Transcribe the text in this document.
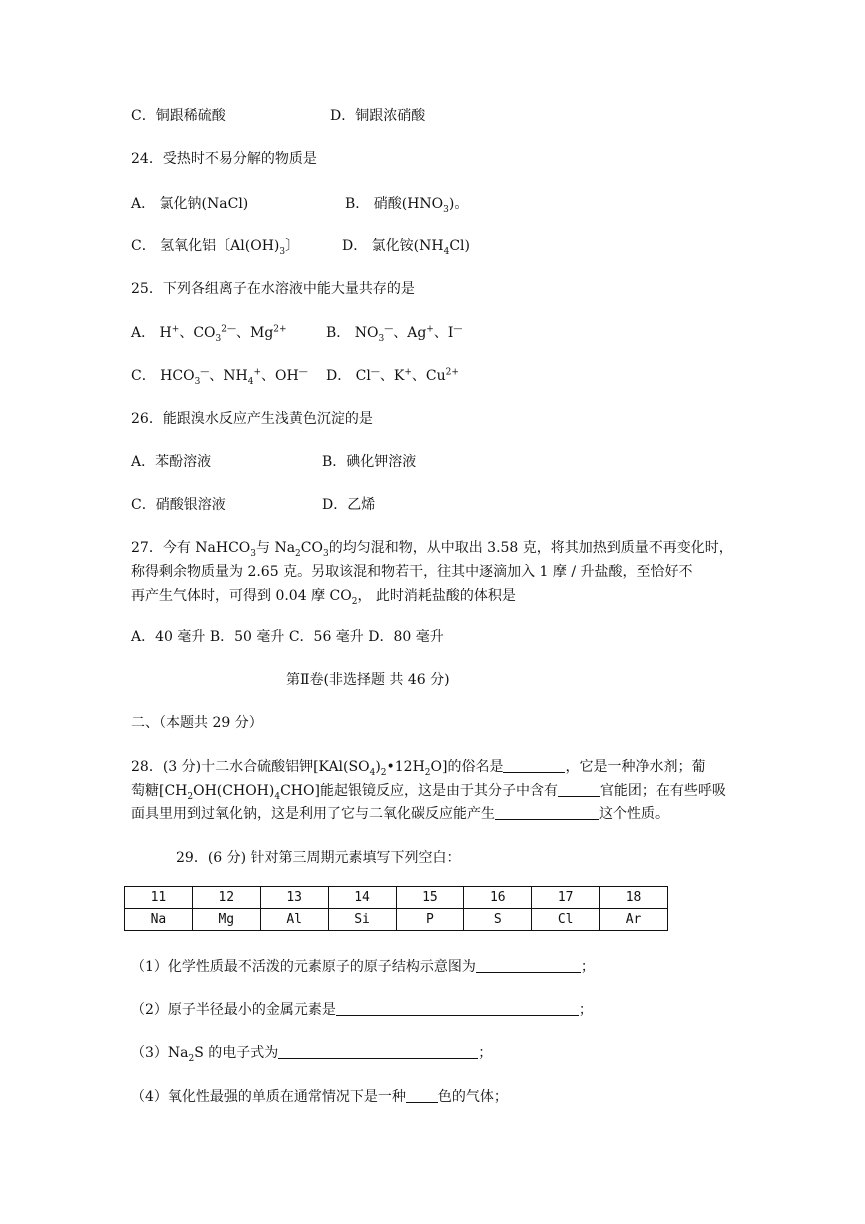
C．铜跟稀硫酸	D．铜跟浓硝酸
24．受热时不易分解的物质是
A． 氯化钠(NaCl)	B． 硝酸$(HNO_3)$。
C． 氢氧化铝〔$Al(OH)_3$〕	D． 氯化铵$(NH_4Cl)$
25．下列各组离子在水溶液中能大量共存的是
A． H+、$CO_3^{2—}$、$Mg^{2+}$	B． $NO_3^—$、Ag+、I—
C． $HCO_3^—$、$NH_4^+$、OH— D． Cl—、K+、$Cu^{2+}$
26．能跟溴水反应产生浅黄色沉淀的是
A．苯酚溶液	B．碘化钾溶液
C．硝酸银溶液	D．乙烯
27．今有 NaHCO$_3$与 $Na_2CO_3$的均匀混和物，从中取出 3.58 克，将其加热到质量不再变化时，
称得剩余物质量为 2.65 克。另取该混和物若干，往其中逐滴加入 1 摩 / 升盐酸，至恰好不
再产生气体时，可得到 0.04 摩 $CO_2$， 此时消耗盐酸的体积是
A．40 毫升 B．50 毫升 C．56 毫升 D．80 毫升
第Ⅱ卷(非选择题 共 46 分)
二、（本题共 29 分）
28．(3 分)十二水合硫酸铝钾$[KAl(SO_4)_2•12H_2O]$的俗名是	，它是一种净水剂；葡
萄糖$[CH_2OH(CHOH)_4CHO]$能起银镜反应，这是由于其分子中含有	官能团；在有些呼吸
面具里用到过氧化钠，这是利用了它与二氧化碳反应能产生	这个性质。
29．(6 分) 针对第三周期元素填写下列空白：
11	12	13	14	15	16	17	18
Na	Mg	Al	Si	P	S	Cl	Ar
（1）化学性质最不活泼的元素原子的原子结构示意图为	；
（2）原子半径最小的金属元素是	；
$(3)Na_2S$ 的电子式为	；
（4）氧化性最强的单质在通常情况下是一种 色的气体；
